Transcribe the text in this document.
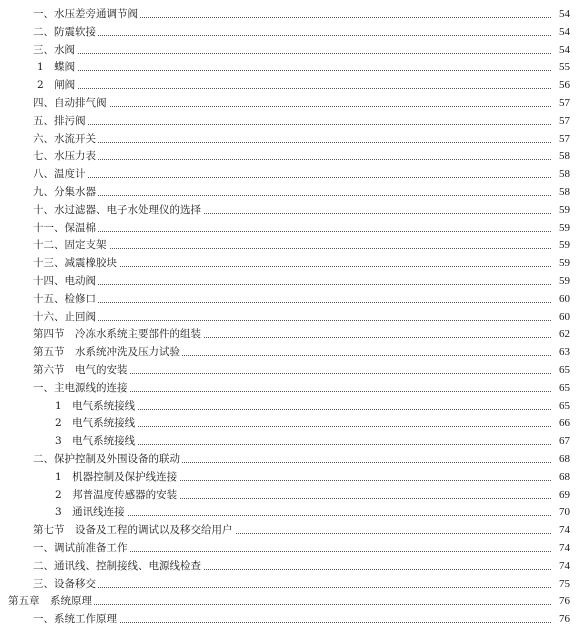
一、水压差旁通调节阀	54
二、防震软接	54
三、水阀	54
1　蝶阀	55
2　闸阀	56
四、自动排气阀	57
五、排污阀	57
六、水流开关	57
七、水压力表	58
八、温度计	58
九、分集水器	58
十、水过滤器、电子水处理仪的选择	59
十一、保温棉	59
十二、固定支架	59
十三、减震橡胶块	59
十四、电动阀	59
十五、检修口	60
十六、止回阀	60
第四节　冷冻水系统主要部件的组装	62
第五节　水系统冲洗及压力试验	63
第六节　电气的安装	65
一、主电源线的连接	65
1　电气系统接线	65
2　电气系统接线	66
3　电气系统接线	67
二、保护控制及外围设备的联动	68
1　机器控制及保护线连接	68
2　邦普温度传感器的安装	69
3　通讯线连接	70
第七节　设备及工程的调试以及移交给用户	74
一、调试前准备工作	74
二、通讯线、控制接线、电源线检查	74
三、设备移交	75
第五章　系统原理	76
一、系统工作原理	76
